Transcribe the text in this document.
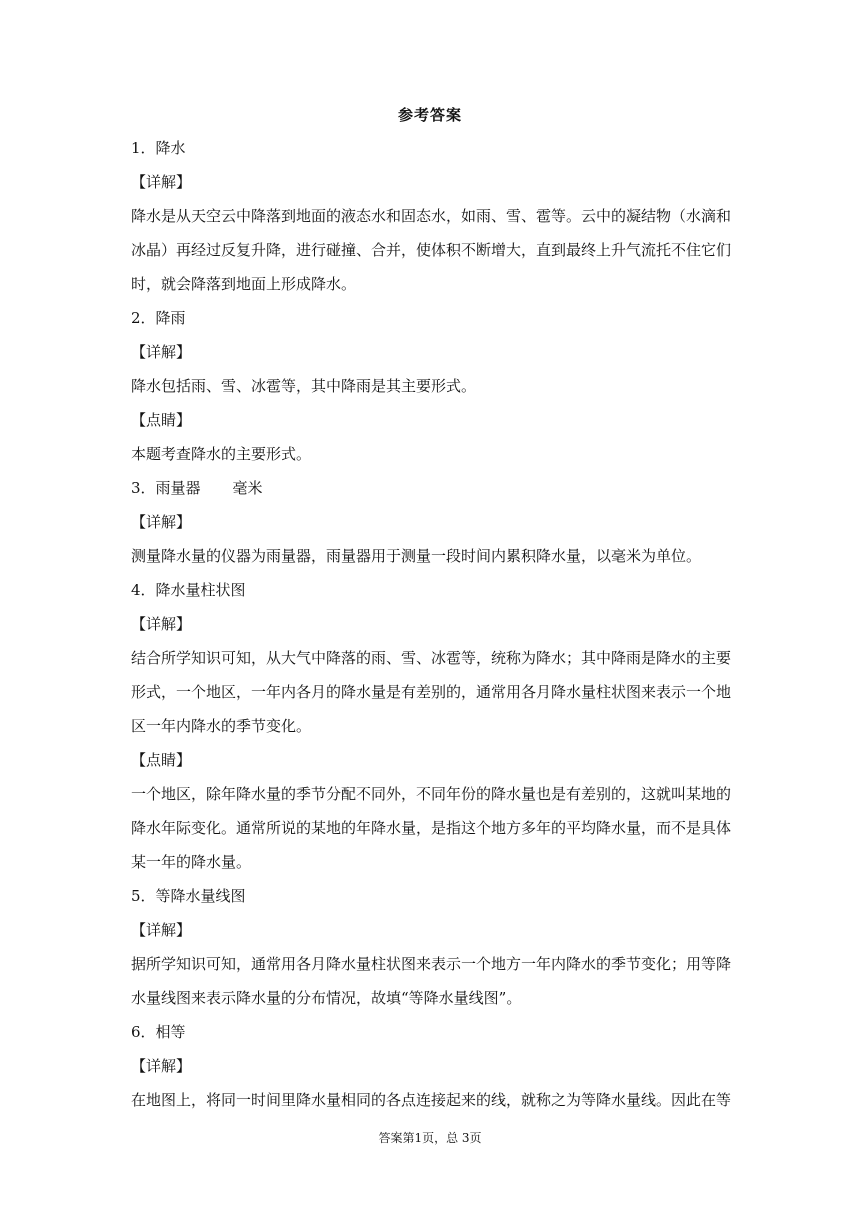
参考答案

1．降水

【详解】

降水是从天空云中降落到地面的液态水和固态水，如雨、雪、雹等。云中的凝结物（水滴和冰晶）再经过反复升降，进行碰撞、合并，使体积不断增大，直到最终上升气流托不住它们时，就会降落到地面上形成降水。

2．降雨

【详解】

降水包括雨、雪、冰雹等，其中降雨是其主要形式。

【点睛】

本题考查降水的主要形式。

3．雨量器 毫米

【详解】

测量降水量的仪器为雨量器，雨量器用于测量一段时间内累积降水量，以毫米为单位。

4．降水量柱状图

【详解】

结合所学知识可知，从大气中降落的雨、雪、冰雹等，统称为降水；其中降雨是降水的主要形式，一个地区，一年内各月的降水量是有差别的，通常用各月降水量柱状图来表示一个地区一年内降水的季节变化。

【点睛】

一个地区，除年降水量的季节分配不同外，不同年份的降水量也是有差别的，这就叫某地的降水年际变化。通常所说的某地的年降水量，是指这个地方多年的平均降水量，而不是具体某一年的降水量。

5．等降水量线图

【详解】

据所学知识可知，通常用各月降水量柱状图来表示一个地方一年内降水的季节变化；用等降水量线图来表示降水量的分布情况，故填“等降水量线图”。

6．相等

【详解】

在地图上，将同一时间里降水量相同的各点连接起来的线，就称之为等降水量线。因此在等

答案第1页，总 3页
